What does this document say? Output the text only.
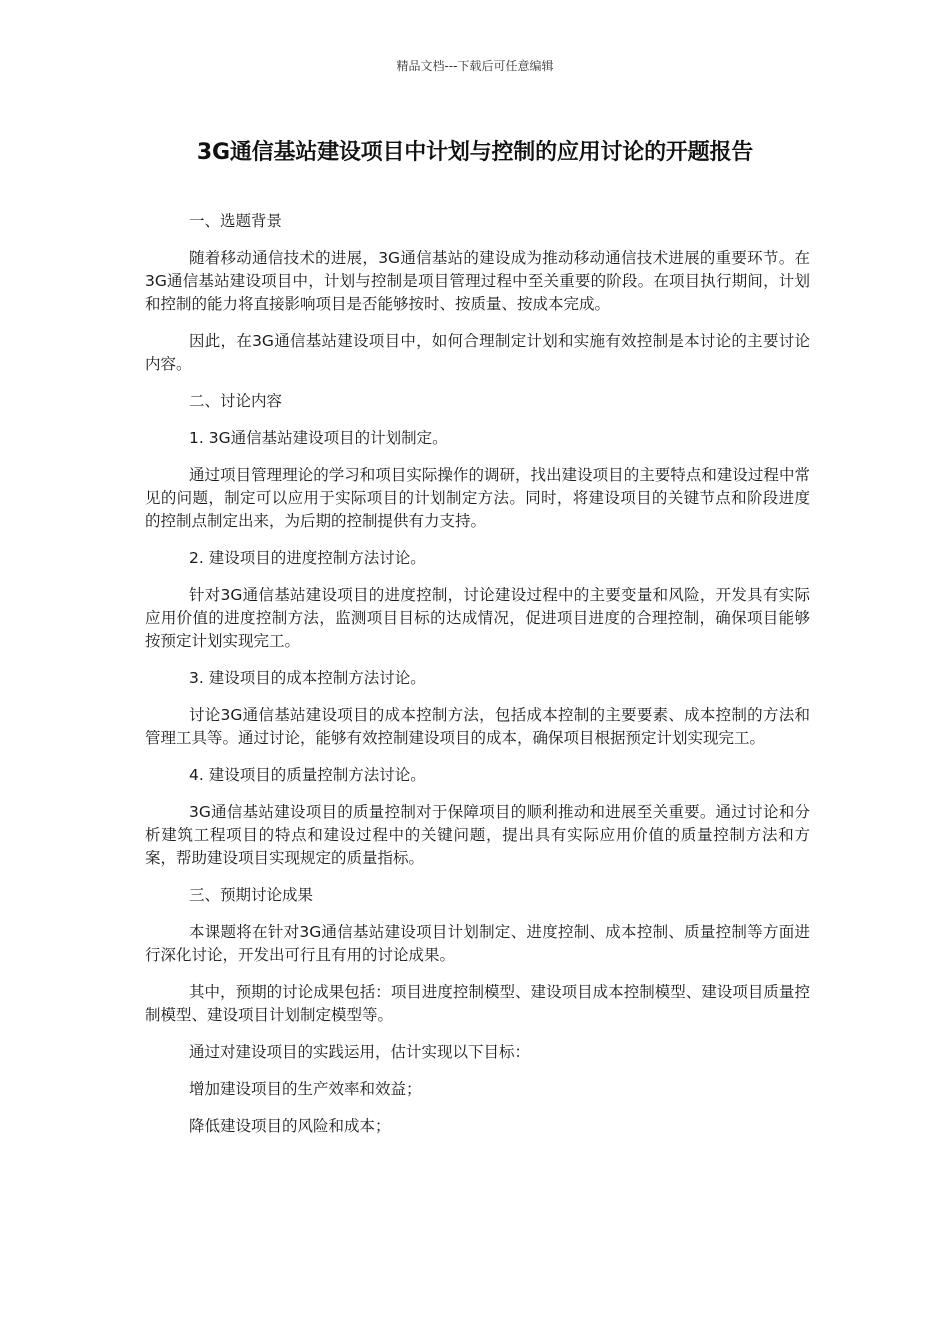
精品文档---下载后可任意编辑
3G通信基站建设项目中计划与控制的应用讨论的开题报告

一、选题背景

随着移动通信技术的进展，3G通信基站的建设成为推动移动通信技术进展的重要环节。在3G通信基站建设项目中，计划与控制是项目管理过程中至关重要的阶段。在项目执行期间，计划和控制的能力将直接影响项目是否能够按时、按质量、按成本完成。

因此，在3G通信基站建设项目中，如何合理制定计划和实施有效控制是本讨论的主要讨论内容。

二、讨论内容

1. 3G通信基站建设项目的计划制定。

通过项目管理理论的学习和项目实际操作的调研，找出建设项目的主要特点和建设过程中常见的问题，制定可以应用于实际项目的计划制定方法。同时，将建设项目的关键节点和阶段进度的控制点制定出来，为后期的控制提供有力支持。

2. 建设项目的进度控制方法讨论。

针对3G通信基站建设项目的进度控制，讨论建设过程中的主要变量和风险，开发具有实际应用价值的进度控制方法，监测项目目标的达成情况，促进项目进度的合理控制，确保项目能够按预定计划实现完工。

3. 建设项目的成本控制方法讨论。

讨论3G通信基站建设项目的成本控制方法，包括成本控制的主要要素、成本控制的方法和管理工具等。通过讨论，能够有效控制建设项目的成本，确保项目根据预定计划实现完工。

4. 建设项目的质量控制方法讨论。

3G通信基站建设项目的质量控制对于保障项目的顺利推动和进展至关重要。通过讨论和分析建筑工程项目的特点和建设过程中的关键问题，提出具有实际应用价值的质量控制方法和方案，帮助建设项目实现规定的质量指标。

三、预期讨论成果

本课题将在针对3G通信基站建设项目计划制定、进度控制、成本控制、质量控制等方面进行深化讨论，开发出可行且有用的讨论成果。

其中，预期的讨论成果包括：项目进度控制模型、建设项目成本控制模型、建设项目质量控制模型、建设项目计划制定模型等。

通过对建设项目的实践运用，估计实现以下目标：

增加建设项目的生产效率和效益；

降低建设项目的风险和成本；
